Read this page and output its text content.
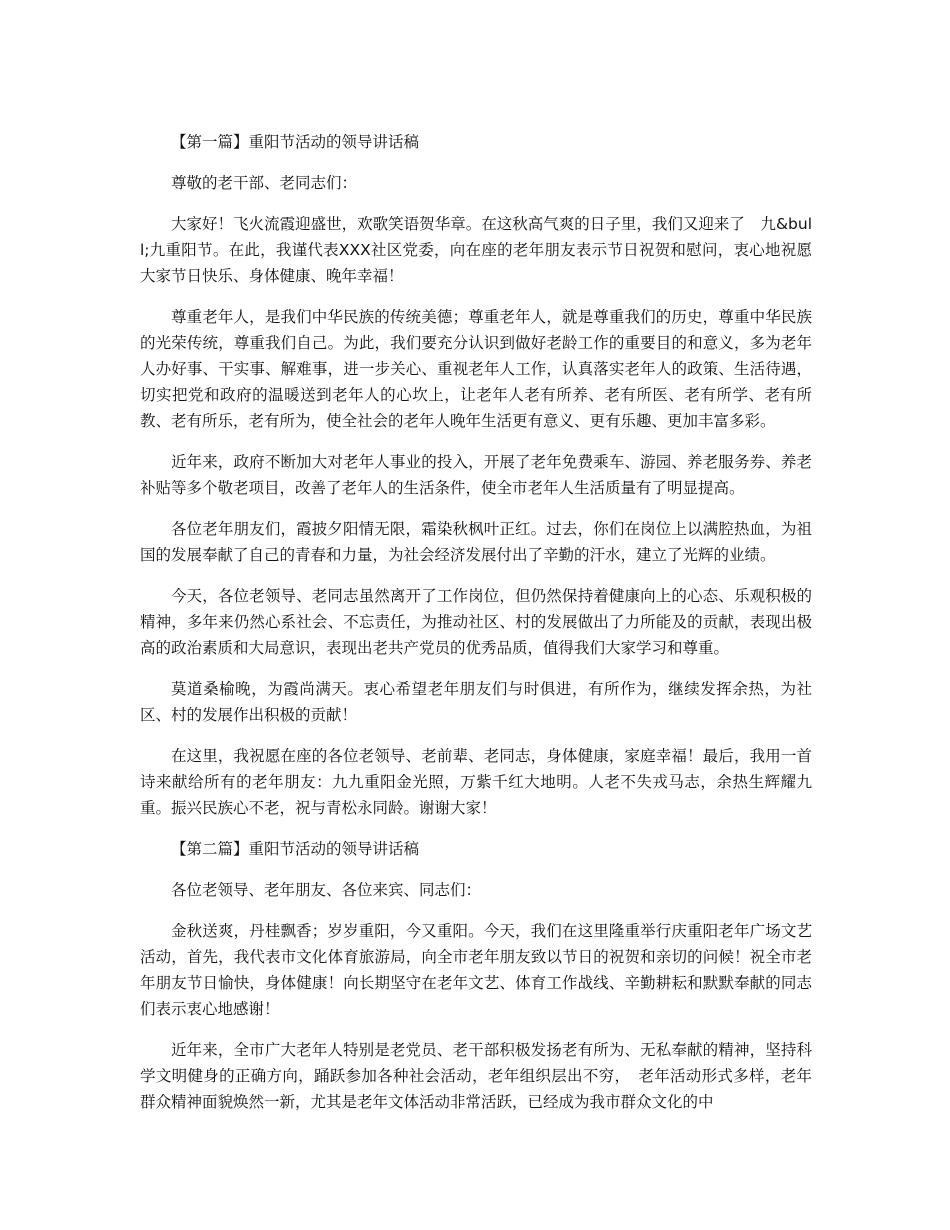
【第一篇】重阳节活动的领导讲话稿

尊敬的老干部、老同志们：

大家好！飞火流霞迎盛世，欢歌笑语贺华章。在这秋高气爽的日子里，我们又迎来了　九&bull;九重阳节。在此，我谨代表XXX社区党委，向在座的老年朋友表示节日祝贺和慰问，衷心地祝愿大家节日快乐、身体健康、晚年幸福！

尊重老年人，是我们中华民族的传统美德；尊重老年人，就是尊重我们的历史，尊重中华民族的光荣传统，尊重我们自己。为此，我们要充分认识到做好老龄工作的重要目的和意义，多为老年人办好事、干实事、解难事，进一步关心、重视老年人工作，认真落实老年人的政策、生活待遇，切实把党和政府的温暖送到老年人的心坎上，让老年人老有所养、老有所医、老有所学、老有所教、老有所乐，老有所为，使全社会的老年人晚年生活更有意义、更有乐趣、更加丰富多彩。

近年来，政府不断加大对老年人事业的投入，开展了老年免费乘车、游园、养老服务券、养老补贴等多个敬老项目，改善了老年人的生活条件，使全市老年人生活质量有了明显提高。

各位老年朋友们，霞披夕阳情无限，霜染秋枫叶正红。过去，你们在岗位上以满腔热血，为祖国的发展奉献了自己的青春和力量，为社会经济发展付出了辛勤的汗水，建立了光辉的业绩。

今天，各位老领导、老同志虽然离开了工作岗位，但仍然保持着健康向上的心态、乐观积极的精神，多年来仍然心系社会、不忘责任，为推动社区、村的发展做出了力所能及的贡献，表现出极高的政治素质和大局意识，表现出老共产党员的优秀品质，值得我们大家学习和尊重。

莫道桑榆晚，为霞尚满天。衷心希望老年朋友们与时俱进，有所作为，继续发挥余热，为社区、村的发展作出积极的贡献！

在这里，我祝愿在座的各位老领导、老前辈、老同志，身体健康，家庭幸福！最后，我用一首诗来献给所有的老年朋友：九九重阳金光照，万紫千红大地明。人老不失戎马志，余热生辉耀九重。振兴民族心不老，祝与青松永同龄。谢谢大家！

【第二篇】重阳节活动的领导讲话稿

各位老领导、老年朋友、各位来宾、同志们：

金秋送爽，丹桂飘香；岁岁重阳，今又重阳。今天，我们在这里隆重举行庆重阳老年广场文艺活动，首先，我代表市文化体育旅游局，向全市老年朋友致以节日的祝贺和亲切的问候！祝全市老年朋友节日愉快，身体健康！向长期坚守在老年文艺、体育工作战线、辛勤耕耘和默默奉献的同志们表示衷心地感谢！

近年来，全市广大老年人特别是老党员、老干部积极发扬老有所为、无私奉献的精神，坚持科学文明健身的正确方向，踊跃参加各种社会活动，老年组织层出不穷，　老年活动形式多样，老年群众精神面貌焕然一新，尤其是老年文体活动非常活跃，已经成为我市群众文化的中
